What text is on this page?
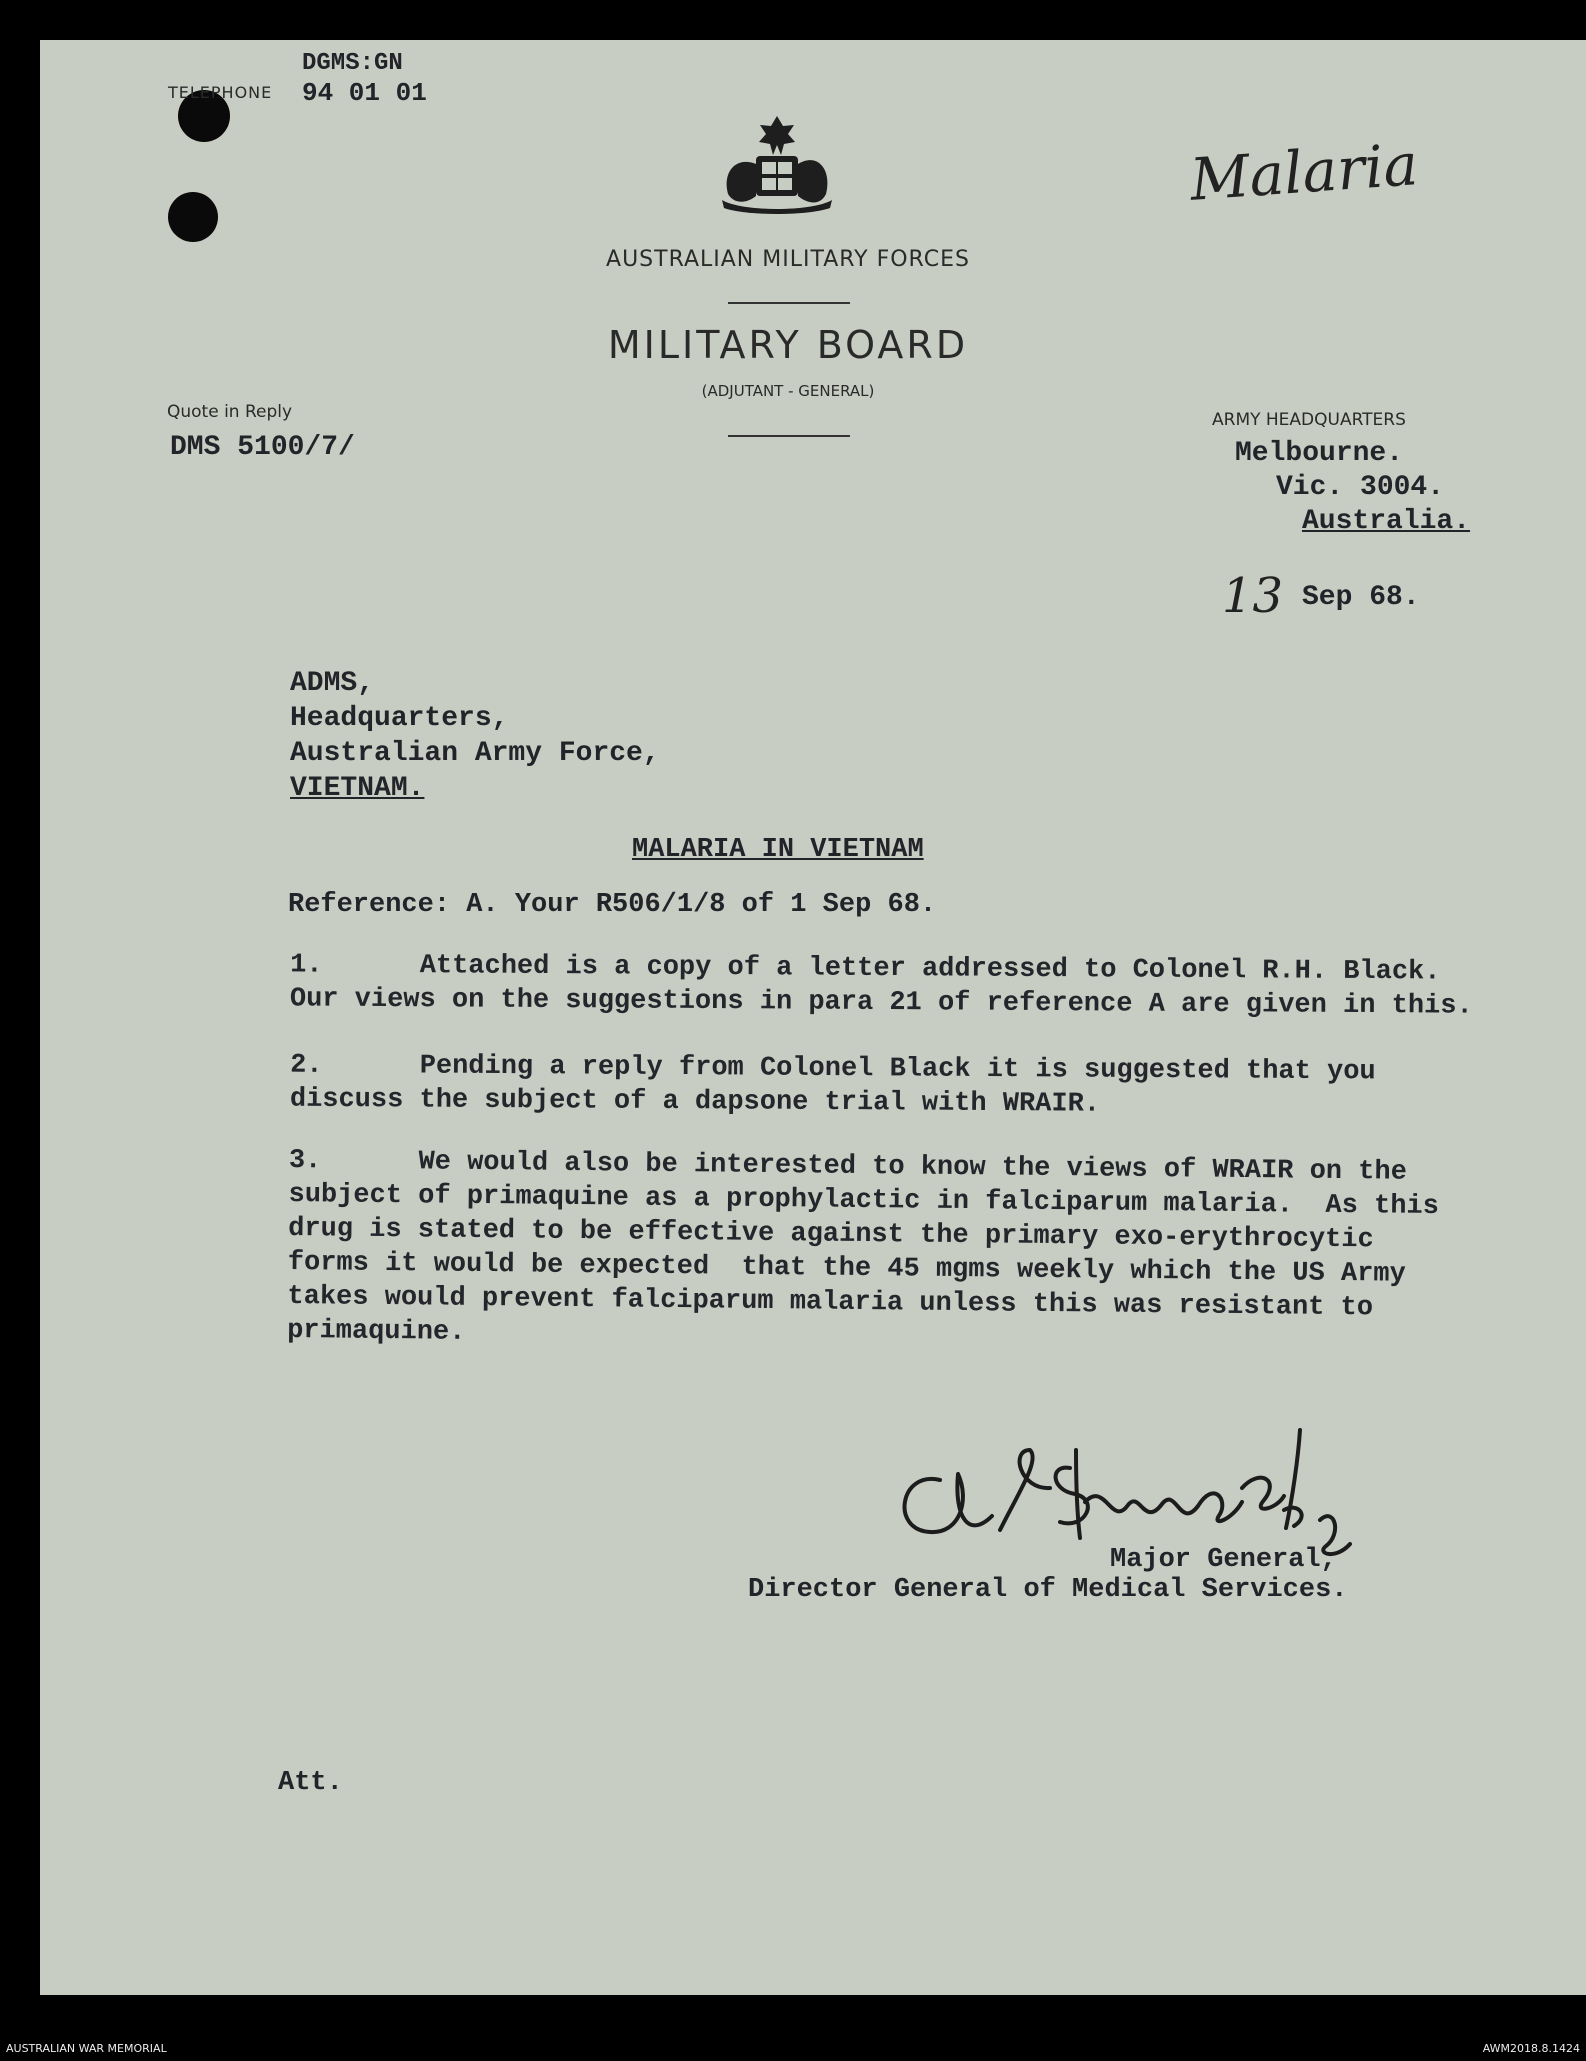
DGMS:GN
TELEPHONE 94 01 01
Malaria
AUSTRALIAN MILITARY FORCES
MILITARY BOARD
(ADJUTANT - GENERAL)
Quote in Reply
DMS 5100/7/
ARMY HEADQUARTERS
Melbourne.
Vic. 3004.
Australia.
13 Sep 68.
ADMS,
Headquarters,
Australian Army Force,
VIETNAM.
MALARIA IN VIETNAM
Reference: A. Your R506/1/8 of 1 Sep 68.
1.      Attached is a copy of a letter addressed to Colonel R.H. Black.
Our views on the suggestions in para 21 of reference A are given in this.
2.      Pending a reply from Colonel Black it is suggested that you
discuss the subject of a dapsone trial with WRAIR.
3.      We would also be interested to know the views of WRAIR on the
subject of primaquine as a prophylactic in falciparum malaria.  As this
drug is stated to be effective against the primary exo-erythrocytic
forms it would be expected  that the 45 mgms weekly which the US Army
takes would prevent falciparum malaria unless this was resistant to
primaquine.
Major General,
Director General of Medical Services.
Att.
AUSTRALIAN WAR MEMORIAL	AWM2018.8.1424
